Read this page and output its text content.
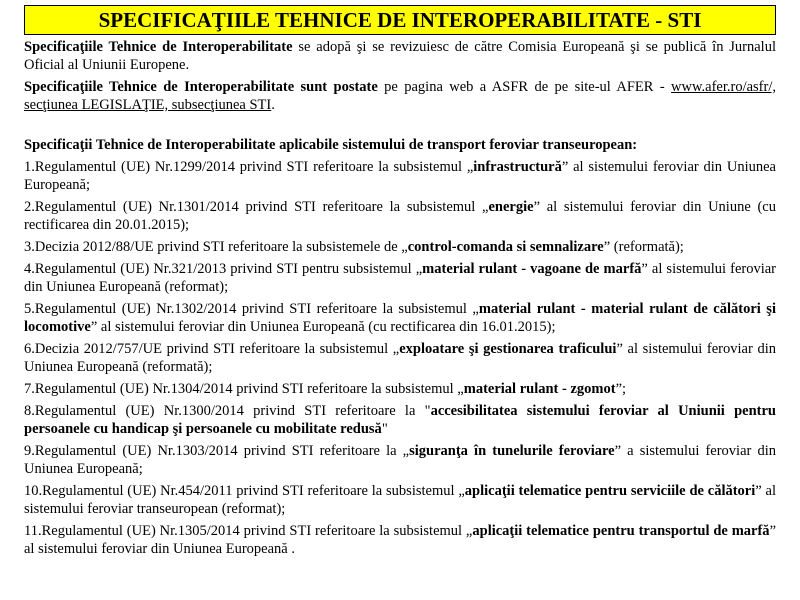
SPECIFICAŢIILE TEHNICE DE INTEROPERABILITATE - STI

Specificaţiile Tehnice de Interoperabilitate se adopă şi se revizuiesc de către Comisia Europeană şi se publică în Jurnalul Oficial al Uniunii Europene.

Specificaţiile Tehnice de Interoperabilitate sunt postate pe pagina web a ASFR de pe site-ul AFER - www.afer.ro/asfr/, secţiunea LEGISLAŢIE, subsecţiunea STI.

Specificaţii Tehnice de Interoperabilitate aplicabile sistemului de transport feroviar transeuropean:

1.Regulamentul (UE) Nr.1299/2014 privind STI referitoare la subsistemul „infrastructură” al sistemului feroviar din Uniunea Europeană;

2.Regulamentul (UE) Nr.1301/2014 privind STI referitoare la subsistemul „energie” al sistemului feroviar din Uniune (cu rectificarea din 20.01.2015);

3.Decizia 2012/88/UE privind STI referitoare la subsistemele de „control-comanda si semnalizare” (reformată);

4.Regulamentul (UE) Nr.321/2013 privind STI pentru subsistemul „material rulant - vagoane de marfă” al sistemului feroviar din Uniunea Europeană (reformat);

5.Regulamentul (UE) Nr.1302/2014 privind STI referitoare la subsistemul „material rulant - material rulant de călători şi locomotive” al sistemului feroviar din Uniunea Europeană (cu rectificarea din 16.01.2015);

6.Decizia 2012/757/UE privind STI referitoare la subsistemul „exploatare şi gestionarea traficului” al sistemului feroviar din Uniunea Europeană (reformată);

7.Regulamentul (UE) Nr.1304/2014 privind STI referitoare la subsistemul „material rulant - zgomot”;

8.Regulamentul (UE) Nr.1300/2014 privind STI referitoare la "accesibilitatea sistemului feroviar al Uniunii pentru persoanele cu handicap şi persoanele cu mobilitate redusă"

9.Regulamentul (UE) Nr.1303/2014 privind STI referitoare la „siguranţa în tunelurile feroviare” a sistemului feroviar din Uniunea Europeană;

10.Regulamentul (UE) Nr.454/2011 privind STI referitoare la subsistemul „aplicaţii telematice pentru serviciile de călători” al sistemului feroviar transeuropean (reformat);

11.Regulamentul (UE) Nr.1305/2014 privind STI referitoare la subsistemul „aplicaţii telematice pentru transportul de marfă” al sistemului feroviar din Uniunea Europeană .
